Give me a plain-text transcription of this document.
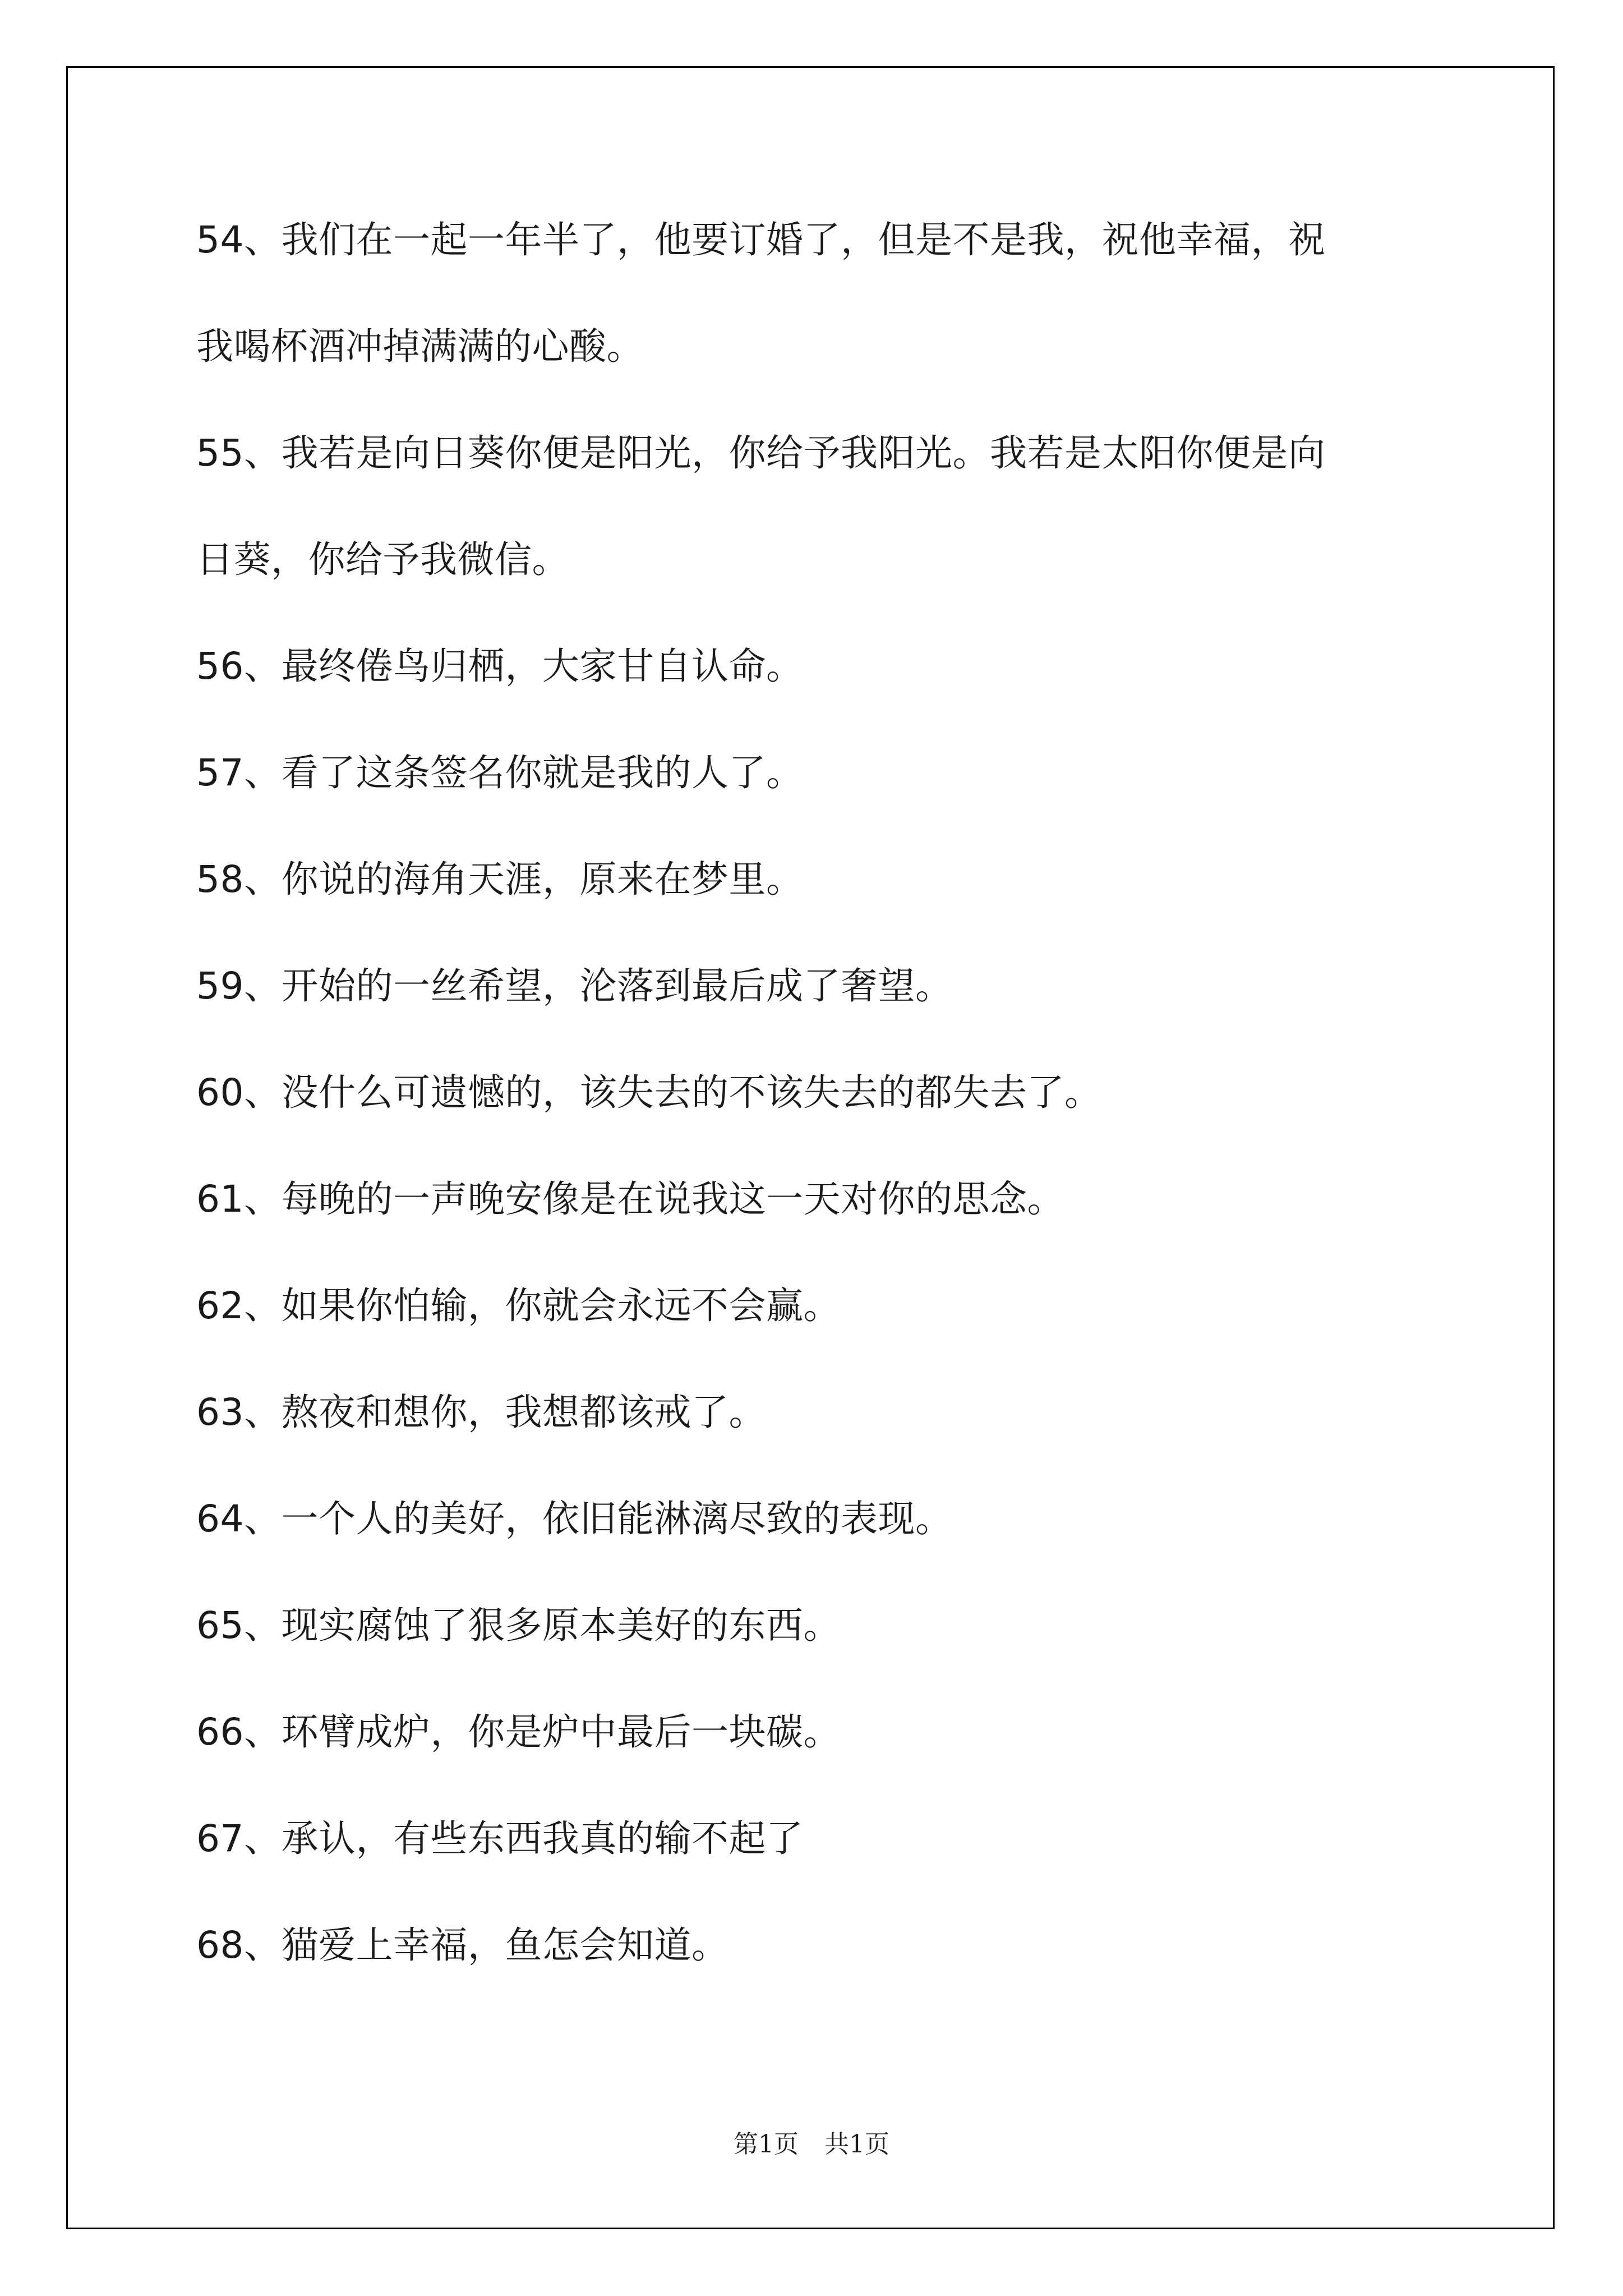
54、我们在一起一年半了，他要订婚了，但是不是我，祝他幸福，祝
我喝杯酒冲掉满满的心酸。
55、我若是向日葵你便是阳光，你给予我阳光。我若是太阳你便是向
日葵，你给予我微信。
56、最终倦鸟归栖，大家甘自认命。
57、看了这条签名你就是我的人了。
58、你说的海角天涯，原来在梦里。
59、开始的一丝希望，沦落到最后成了奢望。
60、没什么可遗憾的，该失去的不该失去的都失去了。
61、每晚的一声晚安像是在说我这一天对你的思念。
62、如果你怕输，你就会永远不会赢。
63、熬夜和想你，我想都该戒了。
64、一个人的美好，依旧能淋漓尽致的表现。
65、现实腐蚀了狠多原本美好的东西。
66、环臂成炉，你是炉中最后一块碳。
67、承认，有些东西我真的输不起了
68、猫爱上幸福，鱼怎会知道。
第1页 共1页
